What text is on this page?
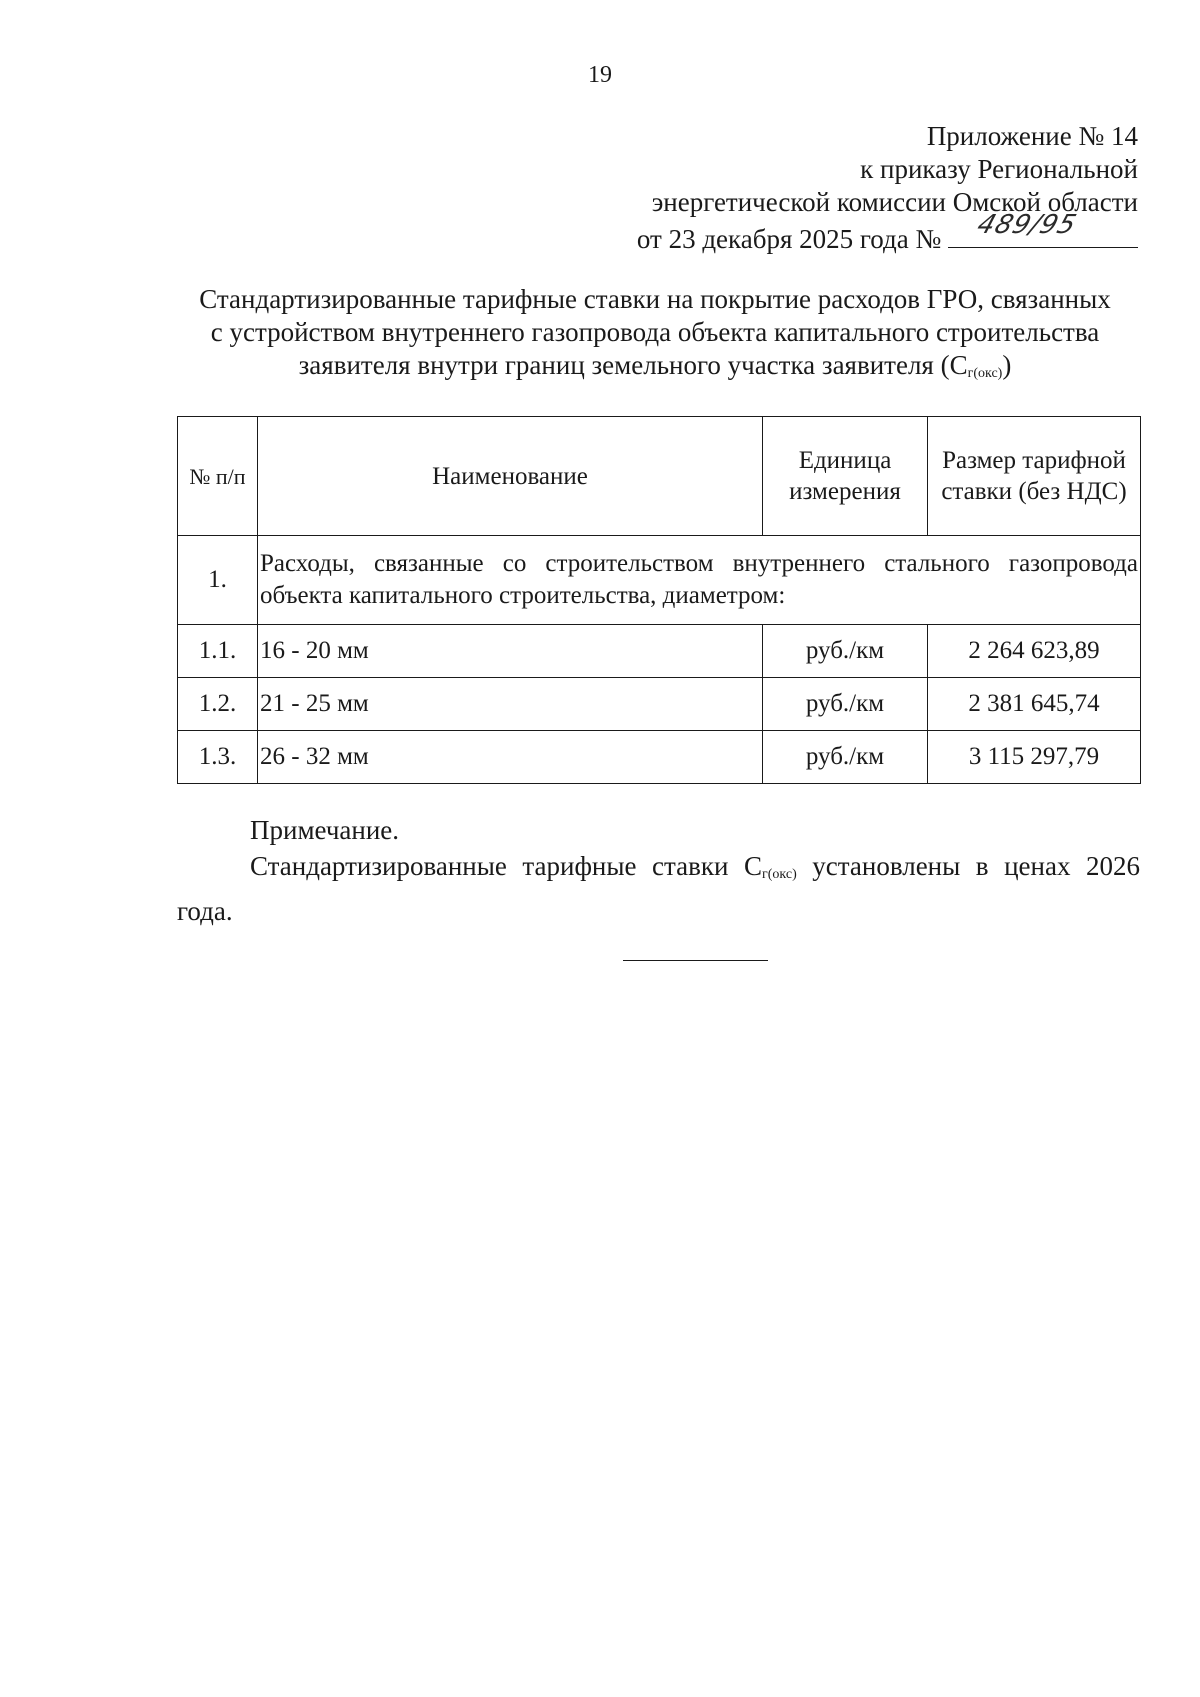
19
Приложение № 14
к приказу Региональной
энергетической комиссии Омской области
от 23 декабря 2025 года № 489/95
Стандартизированные тарифные ставки на покрытие расходов ГРО, связанных
с устройством внутреннего газопровода объекта капитального строительства
заявителя внутри границ земельного участка заявителя $(С_{г(окс)})$
№ п/п	Наименование	Единица измерения	Размер тарифной ставки (без НДС)
1.	Расходы, связанные со строительством внутреннего стального газопровода объекта капитального строительства, диаметром:		
1.1.	16 - 20 мм	руб./км	2 264 623,89
1.2.	21 - 25 мм	руб./км	2 381 645,74
1.3.	26 - 32 мм	руб./км	3 115 297,79
Примечание.
Стандартизированные тарифные ставки $С_{г(окс)}$ установлены в ценах 2026 года.
